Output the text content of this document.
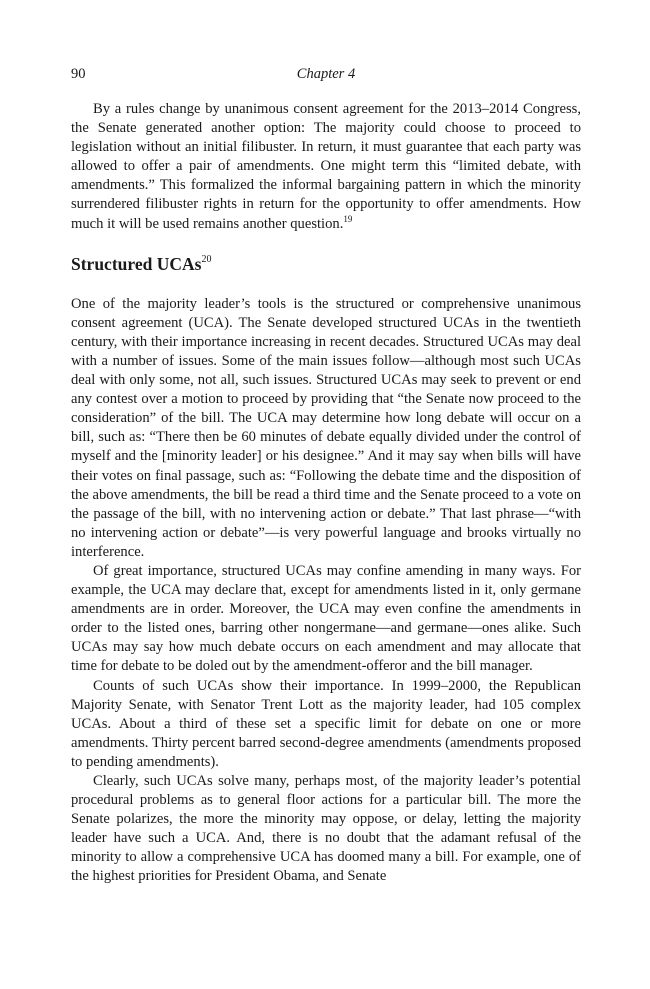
90	Chapter 4

By a rules change by unanimous consent agreement for the 2013–2014 Congress, the Senate generated another option: The majority could choose to proceed to legislation without an initial filibuster. In return, it must guarantee that each party was allowed to offer a pair of amendments. One might term this “limited debate, with amendments.” This formalized the informal bargaining pattern in which the minority surrendered filibuster rights in return for the opportunity to offer amendments. How much it will be used remains another question.$^{19}$

Structured UCAs$^{20}$

One of the majority leader’s tools is the structured or comprehensive unanimous consent agreement (UCA). The Senate developed structured UCAs in the twentieth century, with their importance increasing in recent decades. Structured UCAs may deal with a number of issues. Some of the main issues follow—although most such UCAs deal with only some, not all, such issues. Structured UCAs may seek to prevent or end any contest over a motion to proceed by providing that “the Senate now proceed to the consideration” of the bill. The UCA may determine how long debate will occur on a bill, such as: “There then be 60 minutes of debate equally divided under the control of myself and the [minority leader] or his designee.” And it may say when bills will have their votes on final passage, such as: “Following the debate time and the disposition of the above amendments, the bill be read a third time and the Senate proceed to a vote on the passage of the bill, with no intervening action or debate.” That last phrase—“with no intervening action or debate”—is very powerful language and brooks virtually no interference.

Of great importance, structured UCAs may confine amending in many ways. For example, the UCA may declare that, except for amendments listed in it, only germane amendments are in order. Moreover, the UCA may even confine the amendments in order to the listed ones, barring other nongermane—and germane—ones alike. Such UCAs may say how much debate occurs on each amendment and may allocate that time for debate to be doled out by the amendment-offeror and the bill manager.

Counts of such UCAs show their importance. In 1999–2000, the Republican Majority Senate, with Senator Trent Lott as the majority leader, had 105 complex UCAs. About a third of these set a specific limit for debate on one or more amendments. Thirty percent barred second-degree amendments (amendments proposed to pending amendments).

Clearly, such UCAs solve many, perhaps most, of the majority leader’s potential procedural problems as to general floor actions for a particular bill. The more the Senate polarizes, the more the minority may oppose, or delay, letting the majority leader have such a UCA. And, there is no doubt that the adamant refusal of the minority to allow a comprehensive UCA has doomed many a bill. For example, one of the highest priorities for President Obama, and Senate
